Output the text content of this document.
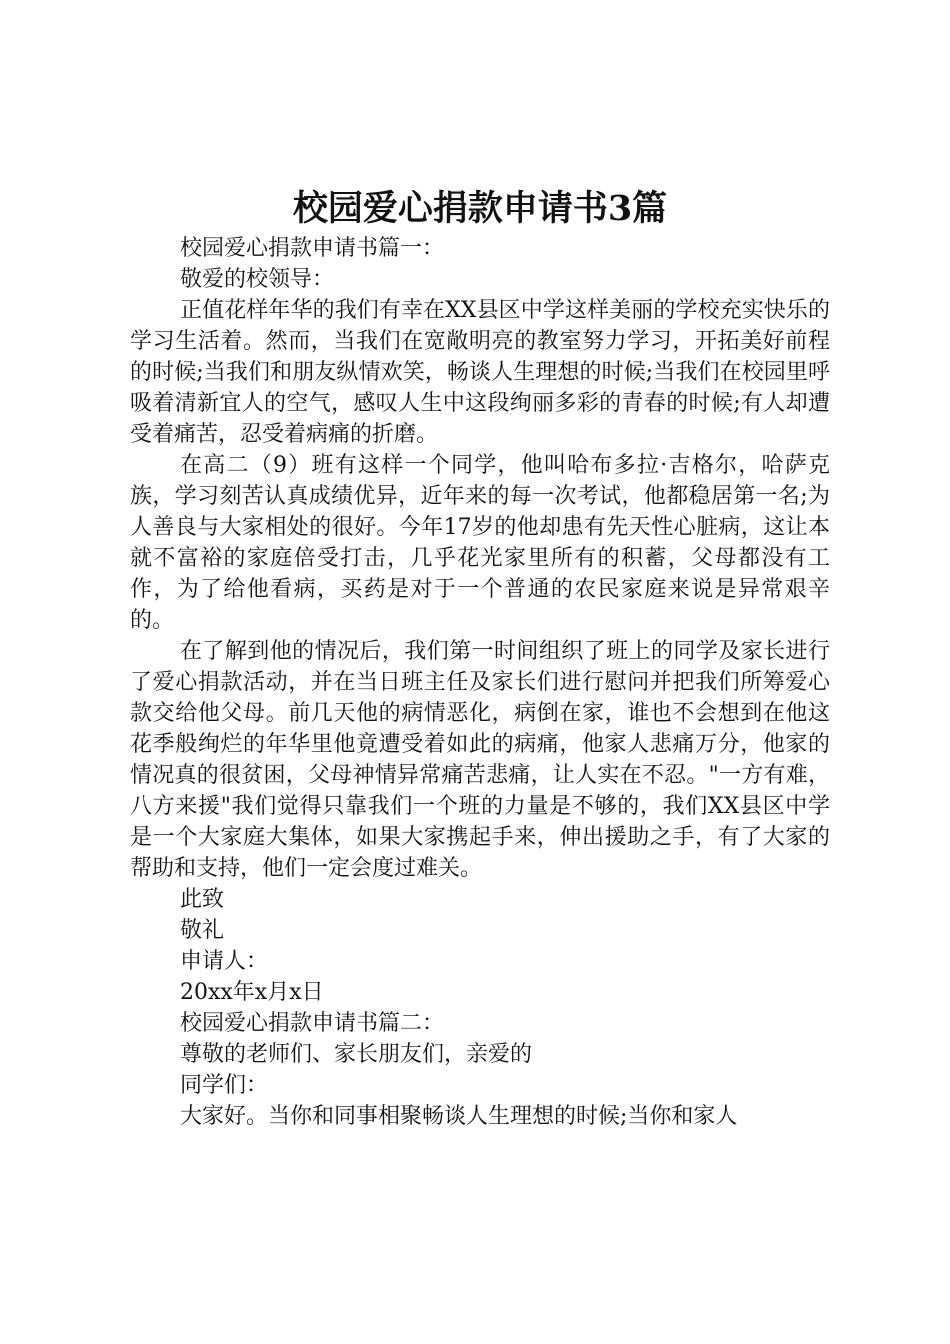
校园爱心捐款申请书3篇

校园爱心捐款申请书篇一：

敬爱的校领导：

正值花样年华的我们有幸在XX县区中学这样美丽的学校充实快乐的学习生活着。然而，当我们在宽敞明亮的教室努力学习，开拓美好前程的时候;当我们和朋友纵情欢笑，畅谈人生理想的时候;当我们在校园里呼吸着清新宜人的空气，感叹人生中这段绚丽多彩的青春的时候;有人却遭受着痛苦，忍受着病痛的折磨。

在高二（9）班有这样一个同学，他叫哈布多拉·吉格尔，哈萨克族，学习刻苦认真成绩优异，近年来的每一次考试，他都稳居第一名;为人善良与大家相处的很好。今年17岁的他却患有先天性心脏病，这让本就不富裕的家庭倍受打击，几乎花光家里所有的积蓄，父母都没有工作，为了给他看病，买药是对于一个普通的农民家庭来说是异常艰辛的。

在了解到他的情况后，我们第一时间组织了班上的同学及家长进行了爱心捐款活动，并在当日班主任及家长们进行慰问并把我们所筹爱心款交给他父母。前几天他的病情恶化，病倒在家，谁也不会想到在他这花季般绚烂的年华里他竟遭受着如此的病痛，他家人悲痛万分，他家的情况真的很贫困，父母神情异常痛苦悲痛，让人实在不忍。"一方有难，八方来援"我们觉得只靠我们一个班的力量是不够的，我们XX县区中学是一个大家庭大集体，如果大家携起手来，伸出援助之手，有了大家的帮助和支持，他们一定会度过难关。

此致

敬礼

申请人：

20xx年x月x日

校园爱心捐款申请书篇二：

尊敬的老师们、家长朋友们，亲爱的

同学们：

大家好。当你和同事相聚畅谈人生理想的时候;当你和家人
